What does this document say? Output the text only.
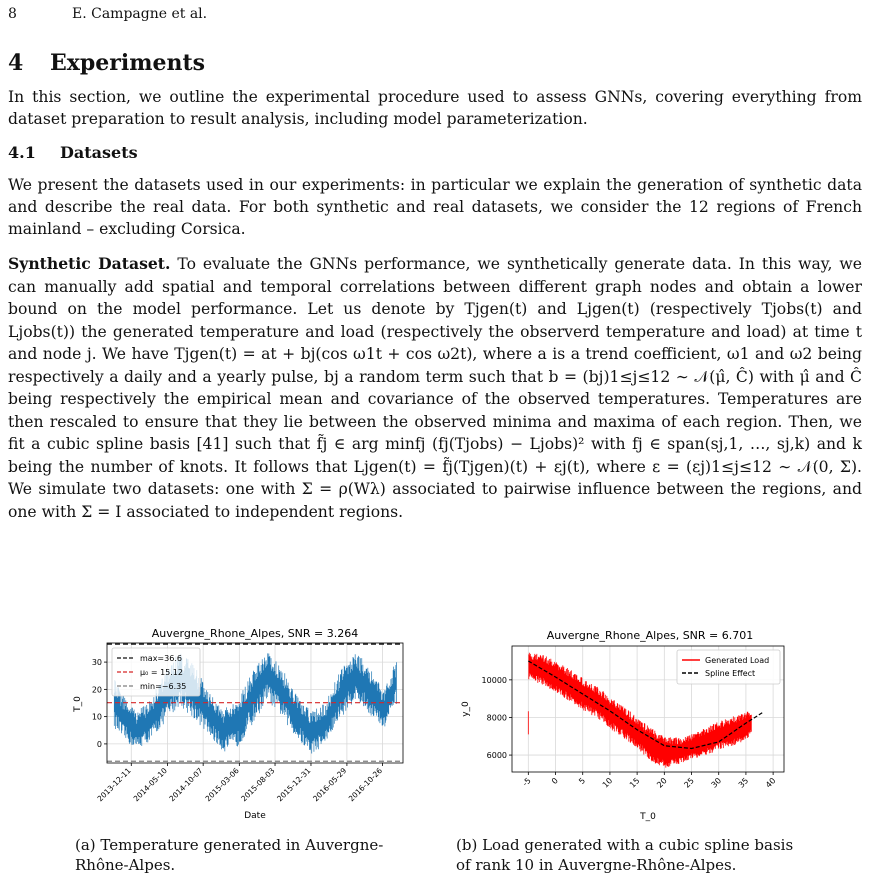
8	E. Campagne et al.
4 Experiments

In this section, we outline the experimental procedure used to assess GNNs, covering everything from dataset preparation to result analysis, including model parameterization.

4.1 Datasets

We present the datasets used in our experiments: in particular we explain the generation of synthetic data and describe the real data. For both synthetic and real datasets, we consider the 12 regions of French mainland – excluding Corsica.

Synthetic Dataset. To evaluate the GNNs performance, we synthetically generate data. In this way, we can manually add spatial and temporal correlations between different graph nodes and obtain a lower bound on the model performance. Let us denote by Tjgen(t) and Ljgen(t) (respectively Tjobs(t) and Ljobs(t)) the generated temperature and load (respectively the observerd temperature and load) at time t and node j. We have Tjgen(t) = at + bj(cos ω1t + cos ω2t), where a is a trend coefficient, ω1 and ω2 being respectively a daily and a yearly pulse, bj a random term such that b = (bj)1≤j≤12 ∼ 𝒩(μ̂, Ĉ) with μ̂ and Ĉ being respectively the empirical mean and covariance of the observed temperatures. Temperatures are then rescaled to ensure that they lie between the observed minima and maxima of each region. Then, we fit a cubic spline basis [41] such that f̃j ∈ arg minfj (fj(Tjobs) − Ljobs)² with fj ∈ span(sj,1, …, sj,k) and k being the number of knots. It follows that Ljgen(t) = f̃j(Tjgen)(t) + εj(t), where ε = (εj)1≤j≤12 ∼ 𝒩(0, Σ). We simulate two datasets: one with Σ = ρ(Wλ) associated to pairwise influence between the regions, and one with Σ = I associated to independent regions.

Auvergne_Rhone_Alpes, SNR = 3.264
0
10
20
30
2013-12-11
2014-05-10
2014-10-07
2015-03-06
2015-08-03
2015-12-31
2016-05-29
2016-10-26
max=36.6
μ₀ = 15.12
min=−6.35
Date
T_0
Auvergne_Rhone_Alpes, SNR = 6.701
6000
8000
10000
-5 0 5 10 15 20 25 30 35 40
Generated Load
Spline Effect
T_0
y_0
(a) Temperature generated in Auvergne-Rhône-Alpes.
(b) Load generated with a cubic spline basis of rank 10 in Auvergne-Rhône-Alpes.
